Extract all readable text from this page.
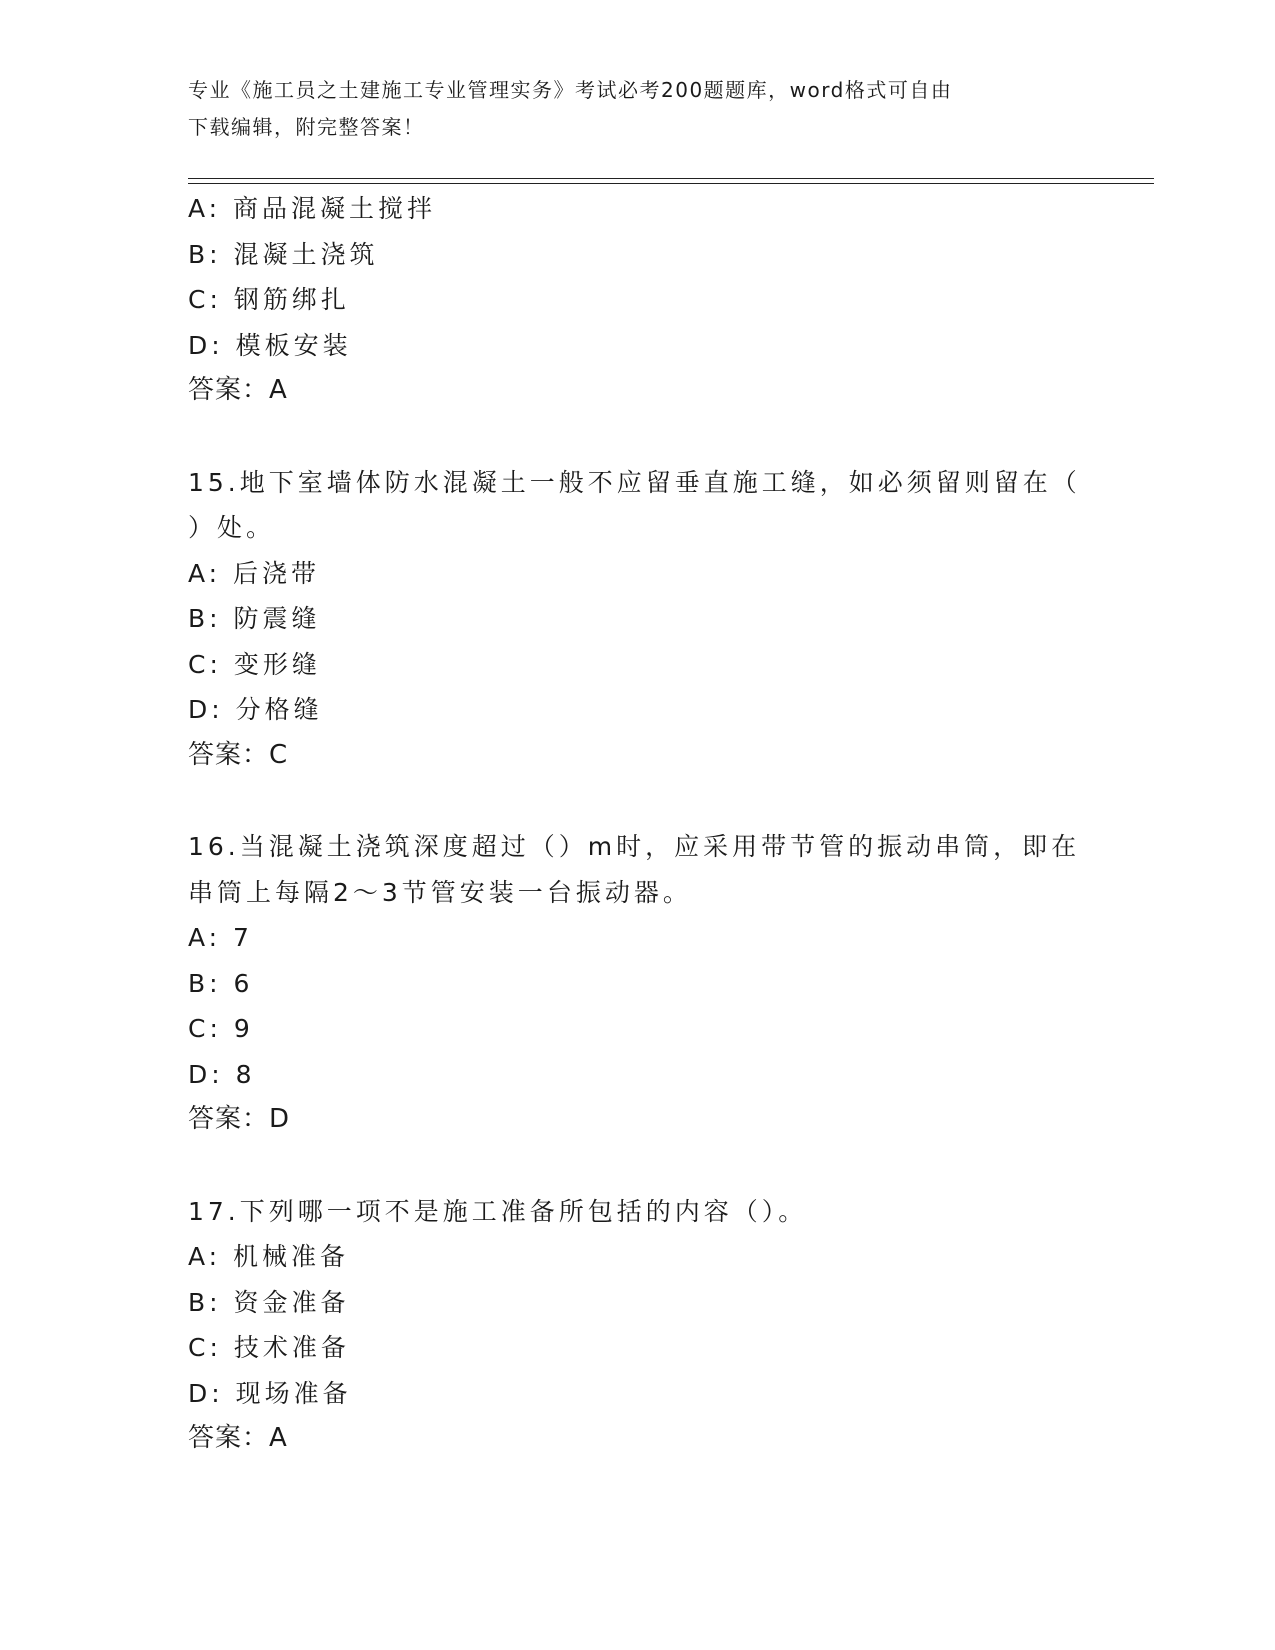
专业《施工员之土建施工专业管理实务》考试必考200题题库，word格式可自由
下载编辑，附完整答案！
A: 商品混凝土搅拌
B: 混凝土浇筑
C: 钢筋绑扎
D: 模板安装
答案：A
15.地下室墙体防水混凝土一般不应留垂直施工缝，如必须留则留在（
）处。
A: 后浇带
B: 防震缝
C: 变形缝
D: 分格缝
答案：C
16.当混凝土浇筑深度超过（）m时，应采用带节管的振动串筒，即在
串筒上每隔2～3节管安装一台振动器。
A: 7
B: 6
C: 9
D: 8
答案：D
17.下列哪一项不是施工准备所包括的内容（）。
A: 机械准备
B: 资金准备
C: 技术准备
D: 现场准备
答案：A
